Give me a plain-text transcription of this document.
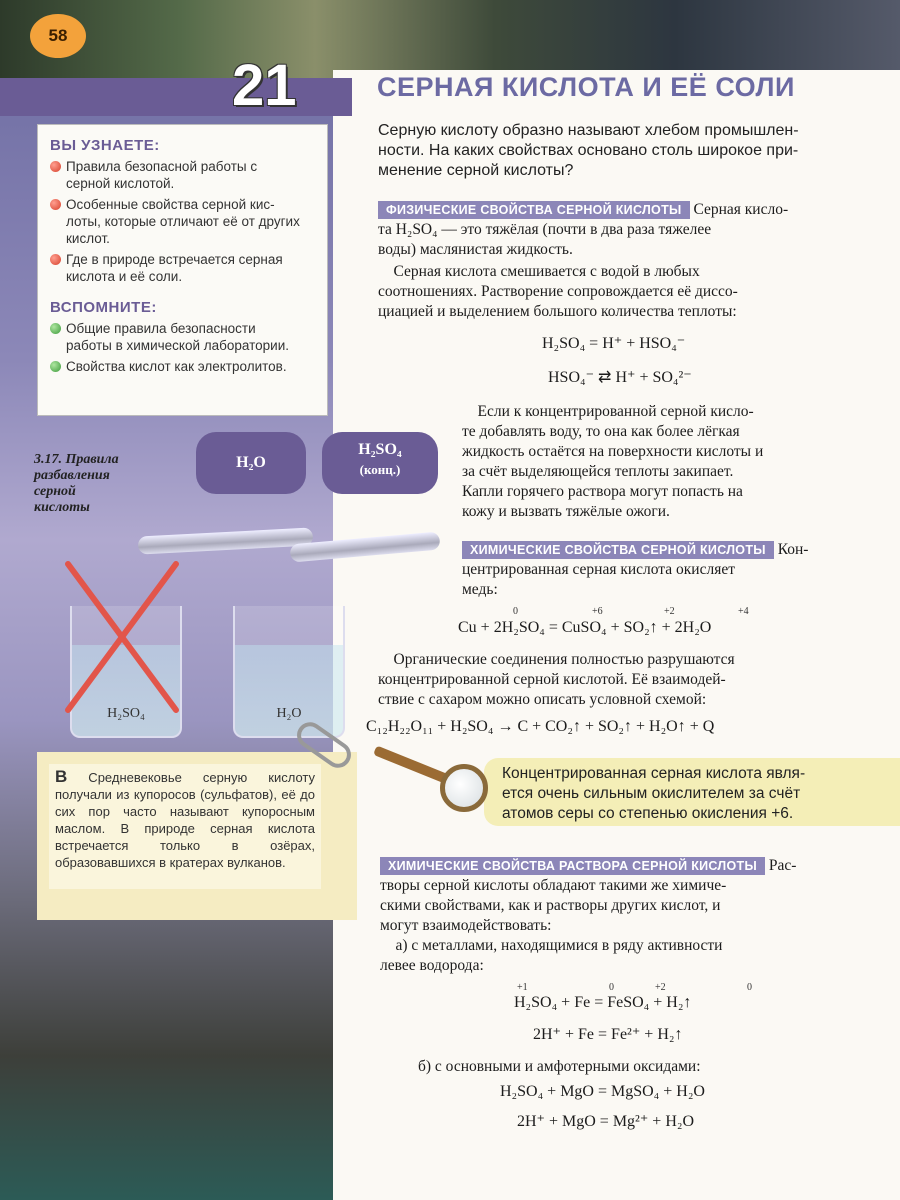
58
21	СЕРНАЯ КИСЛОТА И ЕЁ СОЛИ
ВЫ УЗНАЕТЕ:
Правила безопасной работы с
серной кислотой.
Особенные свойства серной кис-
лоты, которые отличают её от других
кислот.
Где в природе встречается серная
кислота и её соли.
ВСПОМНИТЕ:
Общие правила безопасности
работы в химической лаборатории.
Свойства кислот как электролитов.
3.17. Правила
разбавления
серной
кислоты
H₂O
H₂SO₄
(конц.)
H₂SO₄	H₂O
В Средневековье серную кислоту получали из купоросов (сульфатов), её до сих пор часто называют купоросным маслом. В природе серная кислота встречается только в озёрах, образовавшихся в кратерах вулканов.
Серную кислоту образно называют хлебом промышлен-
ности. На каких свойствах основано столь широкое при-
менение серной кислоты?
ФИЗИЧЕСКИЕ СВОЙСТВА СЕРНОЙ КИСЛОТЫ Серная кисло-
та H₂SO₄ — это тяжёлая (почти в два раза тяжелее
воды) маслянистая жидкость.
Серная кислота смешивается с водой в любых
соотношениях. Растворение сопровождается её диссо-
циацией и выделением большого количества теплоты:
H₂SO₄ = H⁺ + HSO₄⁻
HSO₄⁻ ⇄ H⁺ + SO₄²⁻
Если к концентрированной серной кисло-
те добавлять воду, то она как более лёгкая
жидкость остаётся на поверхности кислоты и
за счёт выделяющейся теплоты закипает.
Капли горячего раствора могут попасть на
кожу и вызвать тяжёлые ожоги.
ХИМИЧЕСКИЕ СВОЙСТВА СЕРНОЙ КИСЛОТЫ Кон-
центрированная серная кислота окисляет
медь:
0	+6	+2	+4
Cu + 2H₂SO₄ = CuSO₄ + SO₂↑ + 2H₂O
Органические соединения полностью разрушаются
концентрированной серной кислотой. Её взаимодей-
ствие с сахаром можно описать условной схемой:
C₁₂H₂₂O₁₁ + H₂SO₄ → C + CO₂↑ + SO₂↑ + H₂O↑ + Q
Концентрированная серная кислота явля-
ется очень сильным окислителем за счёт
атомов серы со степенью окисления +6.
ХИМИЧЕСКИЕ СВОЙСТВА РАСТВОРА СЕРНОЙ КИСЛОТЫ Рас-
творы серной кислоты обладают такими же химиче-
скими свойствами, как и растворы других кислот, и
могут взаимодействовать:
а) с металлами, находящимися в ряду активности
левее водорода:
+1	0	+2	0
H₂SO₄ + Fe = FeSO₄ + H₂↑
2H⁺ + Fe = Fe²⁺ + H₂↑
б) с основными и амфотерными оксидами:
H₂SO₄ + MgO = MgSO₄ + H₂O
2H⁺ + MgO = Mg²⁺ + H₂O
